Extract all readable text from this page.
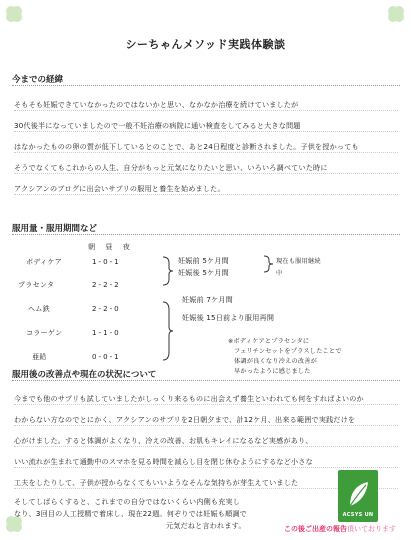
シーちゃんメソッド実践体験談
今までの経緯
そもそも妊娠できていなかったのではないかと思い、なかなか治療を続けていましたが
30代後半になっていましたので一般不妊治療の病院に通い検査をしてみると大きな問題
はなかったものの卵の質が低下しているとのことで、あと24日程度と診断されました。子供を授かっても
そうでなくてもこれからの人生、自分がもっと元気になりたいと思い、いろいろ調べていた時に
アクシアンのブログに出会いサプリの服用と養生を始めました。
服用量・服用期間など
朝 昼 夜
ボディケア	1-0-1
プラセンタ	2-2-2
ヘム鉄	2-2-0
コラーゲン	1-1-0
亜鉛	0-0-1
妊娠前 5ケ月間
妊娠後 5ケ月間
現在も服用継続中
妊娠前 7ケ月間
妊娠後 15日前より服用再開
※ボディケアとプラセンタに
フェリチンセットをプラスしたことで
体調が良くなり冷えの改善が
早かったように感じました
服用後の改善点や現在の状況について
今までも他のサプリも試していましたがしっくり来るものに出会えず養生といわれても何をすればよいのか
わからない方なのでとにかく、アクシアンのサプリを2日朝夕まで、計12ケ月、出来る範囲で実践だけを
心がけました。すると体調がよくなり、冷えの改善、お肌もキレイになるなど実感があり、
いい流れが生まれて通勤中のスマホを見る時間を減らし目を閉じ休むようにするなど小さな
工夫をしたりして、子供が授からなくてもいいようなそんな気持ちが芽生えていました
そしてしばらくすると、これまでの自分ではないくらい内側も充実し
なり、3回目の人工授精で着床し、現在22週。何ぞりでは妊娠も順調で
元気だねと言われます。
ACSYS UN
この後ご出産の報告頂いております
